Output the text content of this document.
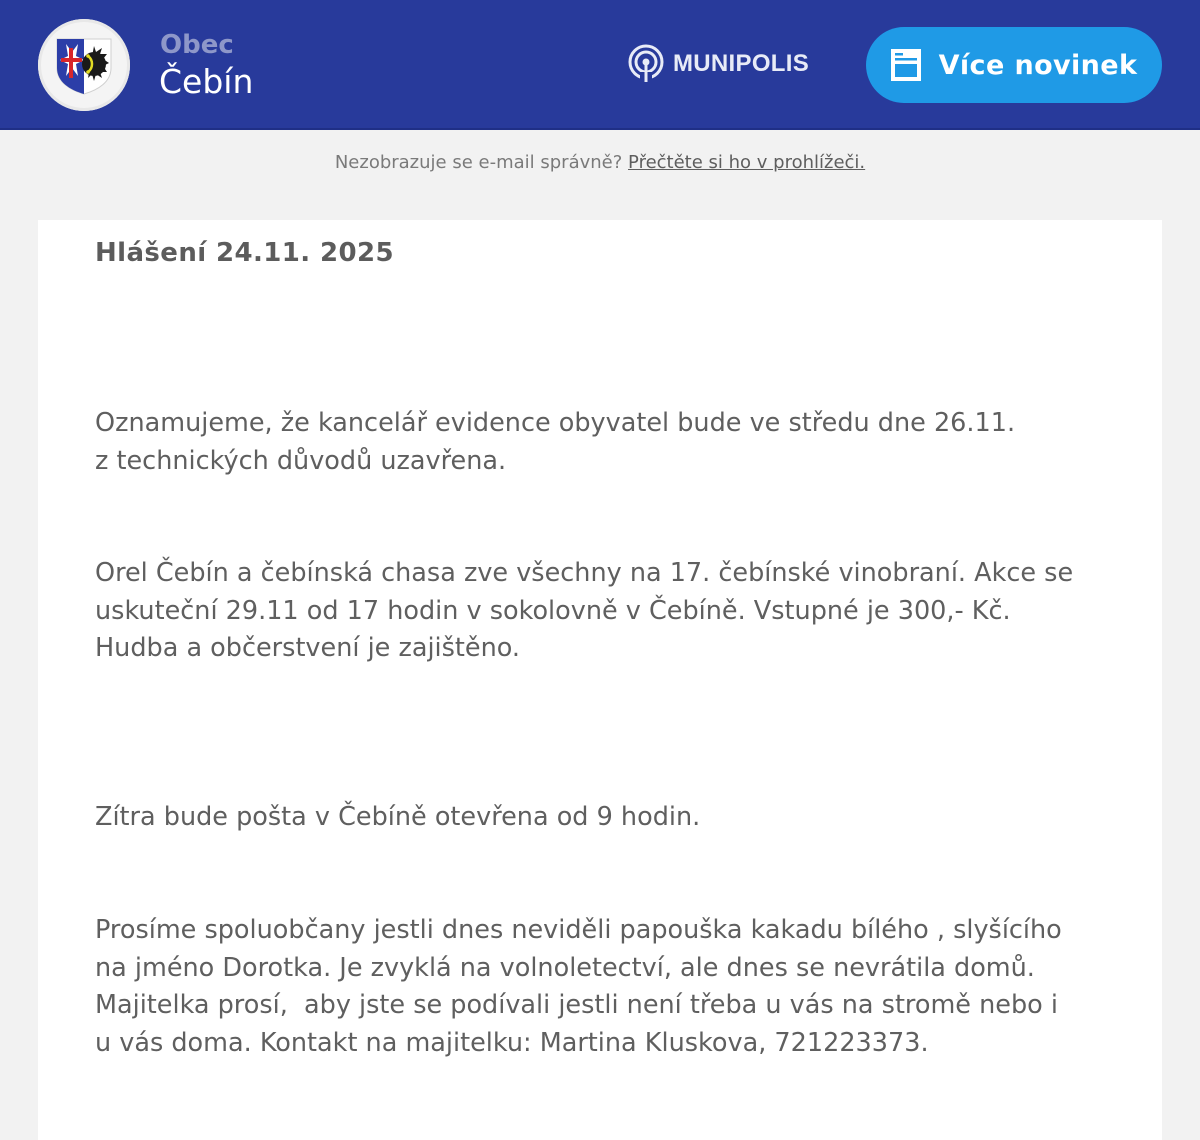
Obec
Čebín	MUNIPOLIS	Více novinek
Nezobrazuje se e-mail správně? Přečtěte si ho v prohlížeči.
Hlášení 24.11. 2025
Oznamujeme, že kancelář evidence obyvatel bude ve středu dne 26.11.
z technických důvodů uzavřena.
Orel Čebín a čebínská chasa zve všechny na 17. čebínské vinobraní. Akce se
uskuteční 29.11 od 17 hodin v sokolovně v Čebíně. Vstupné je 300,- Kč.
Hudba a občerstvení je zajištěno.
Zítra bude pošta v Čebíně otevřena od 9 hodin.
Prosíme spoluobčany jestli dnes neviděli papouška kakadu bílého , slyšícího
na jméno Dorotka. Je zvyklá na volnoletectví, ale dnes se nevrátila domů.
Majitelka prosí,  aby jste se podívali jestli není třeba u vás na stromě nebo i
u vás doma. Kontakt na majitelku: Martina Kluskova, 721223373.
